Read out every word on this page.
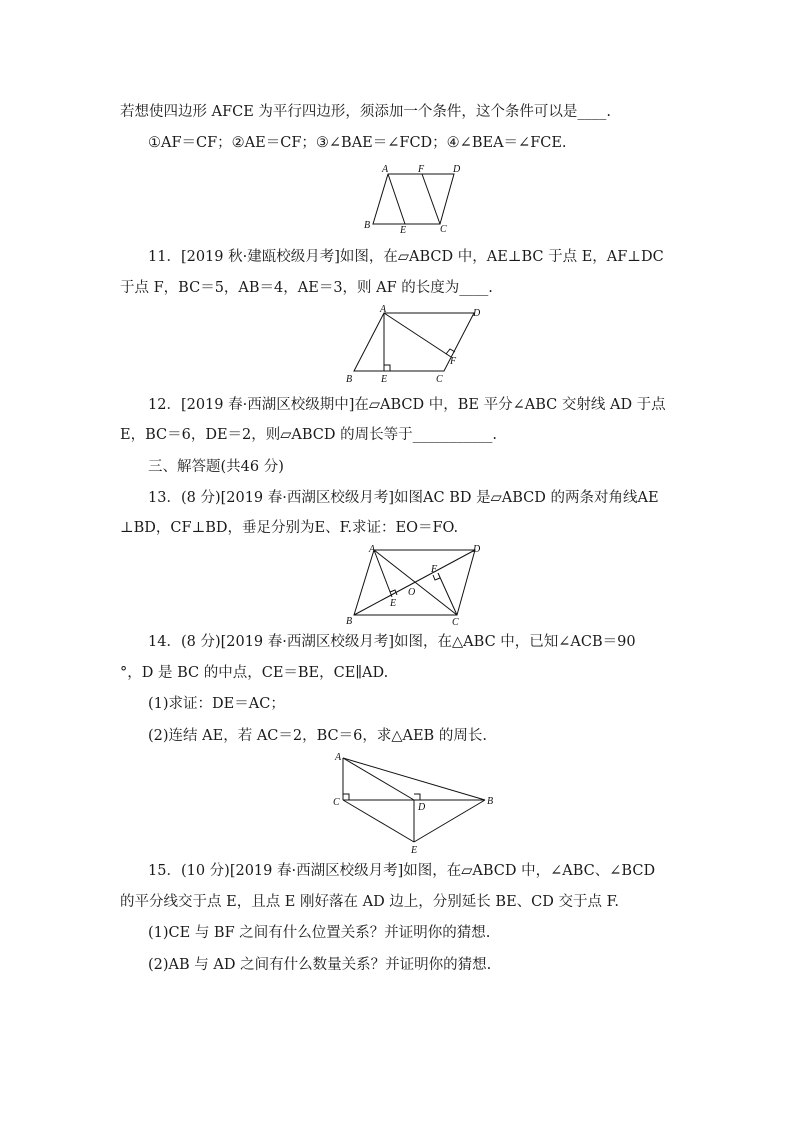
若想使四边形 AFCE 为平行四边形，须添加一个条件，这个条件可以是____.
①AF＝CF；②AE＝CF；③∠BAE＝∠FCD；④∠BEA＝∠FCE.
A	F	D
B	E	C
11．[2019 秋·建瓯校级月考]如图，在▱ABCD 中，AE⊥BC 于点 E，AF⊥DC
于点 F，BC＝5，AB＝4，AE＝3，则 AF 的长度为____.
A	D
F
B	E	C
12．[2019 春·西湖区校级期中]在▱ABCD 中，BE 平分∠ABC 交射线 AD 于点
E，BC＝6，DE＝2，则▱ABCD 的周长等于___________.
三、解答题(共46 分)
13．(8 分)[2019 春·西湖区校级月考]如图AC BD 是▱ABCD 的两条对角线AE
⊥BD，CF⊥BD，垂足分别为E、F.求证：EO＝FO.
A	D
F
O
E
B	C
14．(8 分)[2019 春·西湖区校级月考]如图，在△ABC 中，已知∠ACB＝90
°，D 是 BC 的中点，CE＝BE，CE∥AD.
(1)求证：DE＝AC；
(2)连结 AE，若 AC＝2，BC＝6，求△AEB 的周长.
A
C	D
B
E
15．(10 分)[2019 春·西湖区校级月考]如图，在▱ABCD 中，∠ABC、∠BCD
的平分线交于点 E，且点 E 刚好落在 AD 边上，分别延长 BE、CD 交于点 F.
(1)CE 与 BF 之间有什么位置关系？并证明你的猜想.
(2)AB 与 AD 之间有什么数量关系？并证明你的猜想.
